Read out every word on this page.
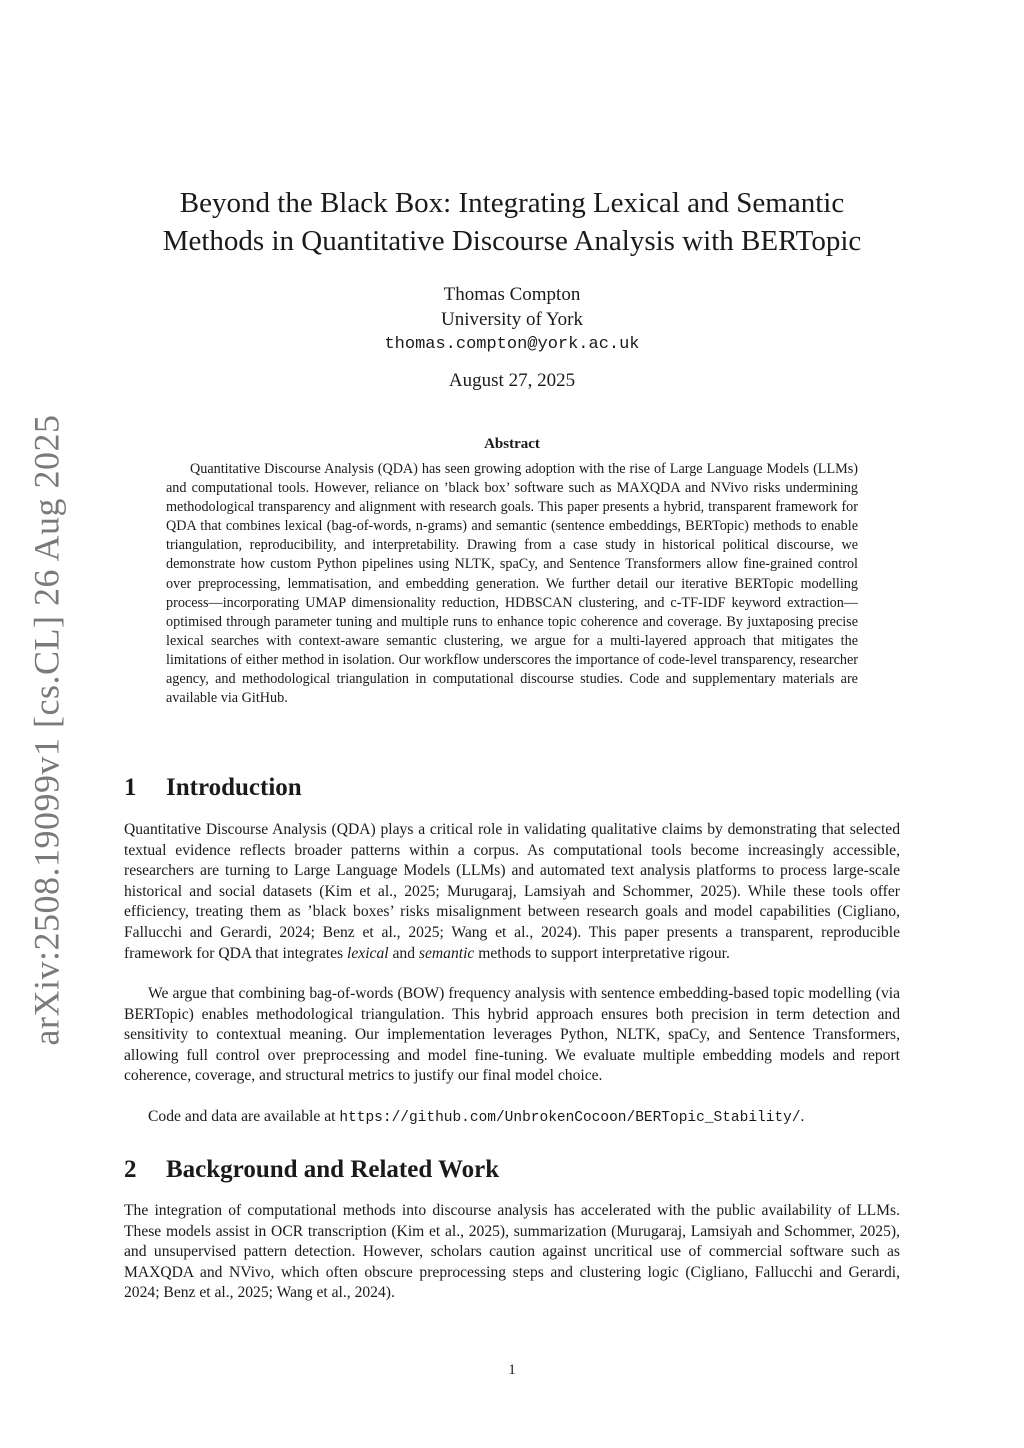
arXiv:2508.19099v1 [cs.CL] 26 Aug 2025
Beyond the Black Box: Integrating Lexical and Semantic
Methods in Quantitative Discourse Analysis with BERTopic
Thomas Compton
University of York
thomas.compton@york.ac.uk
August 27, 2025
Abstract

Quantitative Discourse Analysis (QDA) has seen growing adoption with the rise of Large Language Models (LLMs) and computational tools. However, reliance on ’black box’ software such as MAXQDA and NVivo risks undermining methodological transparency and alignment with research goals. This paper presents a hybrid, transparent framework for QDA that combines lexical (bag-of-words, n-grams) and semantic (sentence embeddings, BERTopic) methods to enable triangulation, reproducibility, and interpretability. Drawing from a case study in historical political discourse, we demonstrate how custom Python pipelines using NLTK, spaCy, and Sentence Transformers allow fine-grained control over preprocessing, lemmatisation, and embedding generation. We further detail our iterative BERTopic modelling process—incorporating UMAP dimensionality reduction, HDBSCAN clustering, and c-TF-IDF keyword extraction—optimised through parameter tuning and multiple runs to enhance topic coherence and coverage. By juxtaposing precise lexical searches with context-aware semantic clustering, we argue for a multi-layered approach that mitigates the limitations of either method in isolation. Our workflow underscores the importance of code-level transparency, researcher agency, and methodological triangulation in computational discourse studies. Code and supplementary materials are available via GitHub.

1 Introduction

Quantitative Discourse Analysis (QDA) plays a critical role in validating qualitative claims by demonstrating that selected textual evidence reflects broader patterns within a corpus. As computational tools become increasingly accessible, researchers are turning to Large Language Models (LLMs) and automated text analysis platforms to process large-scale historical and social datasets (Kim et al., 2025; Murugaraj, Lamsiyah and Schommer, 2025). While these tools offer efficiency, treating them as ’black boxes’ risks misalignment between research goals and model capabilities (Cigliano, Fallucchi and Gerardi, 2024; Benz et al., 2025; Wang et al., 2024). This paper presents a transparent, reproducible framework for QDA that integrates lexical and semantic methods to support interpretative rigour.

We argue that combining bag-of-words (BOW) frequency analysis with sentence embedding-based topic modelling (via BERTopic) enables methodological triangulation. This hybrid approach ensures both precision in term detection and sensitivity to contextual meaning. Our implementation leverages Python, NLTK, spaCy, and Sentence Transformers, allowing full control over preprocessing and model fine-tuning. We evaluate multiple embedding models and report coherence, coverage, and structural metrics to justify our final model choice.

Code and data are available at https://github.com/UnbrokenCocoon/BERTopic_Stability/.

2 Background and Related Work

The integration of computational methods into discourse analysis has accelerated with the public availability of LLMs. These models assist in OCR transcription (Kim et al., 2025), summarization (Murugaraj, Lamsiyah and Schommer, 2025), and unsupervised pattern detection. However, scholars caution against uncritical use of commercial software such as MAXQDA and NVivo, which often obscure preprocessing steps and clustering logic (Cigliano, Fallucchi and Gerardi, 2024; Benz et al., 2025; Wang et al., 2024).

1
